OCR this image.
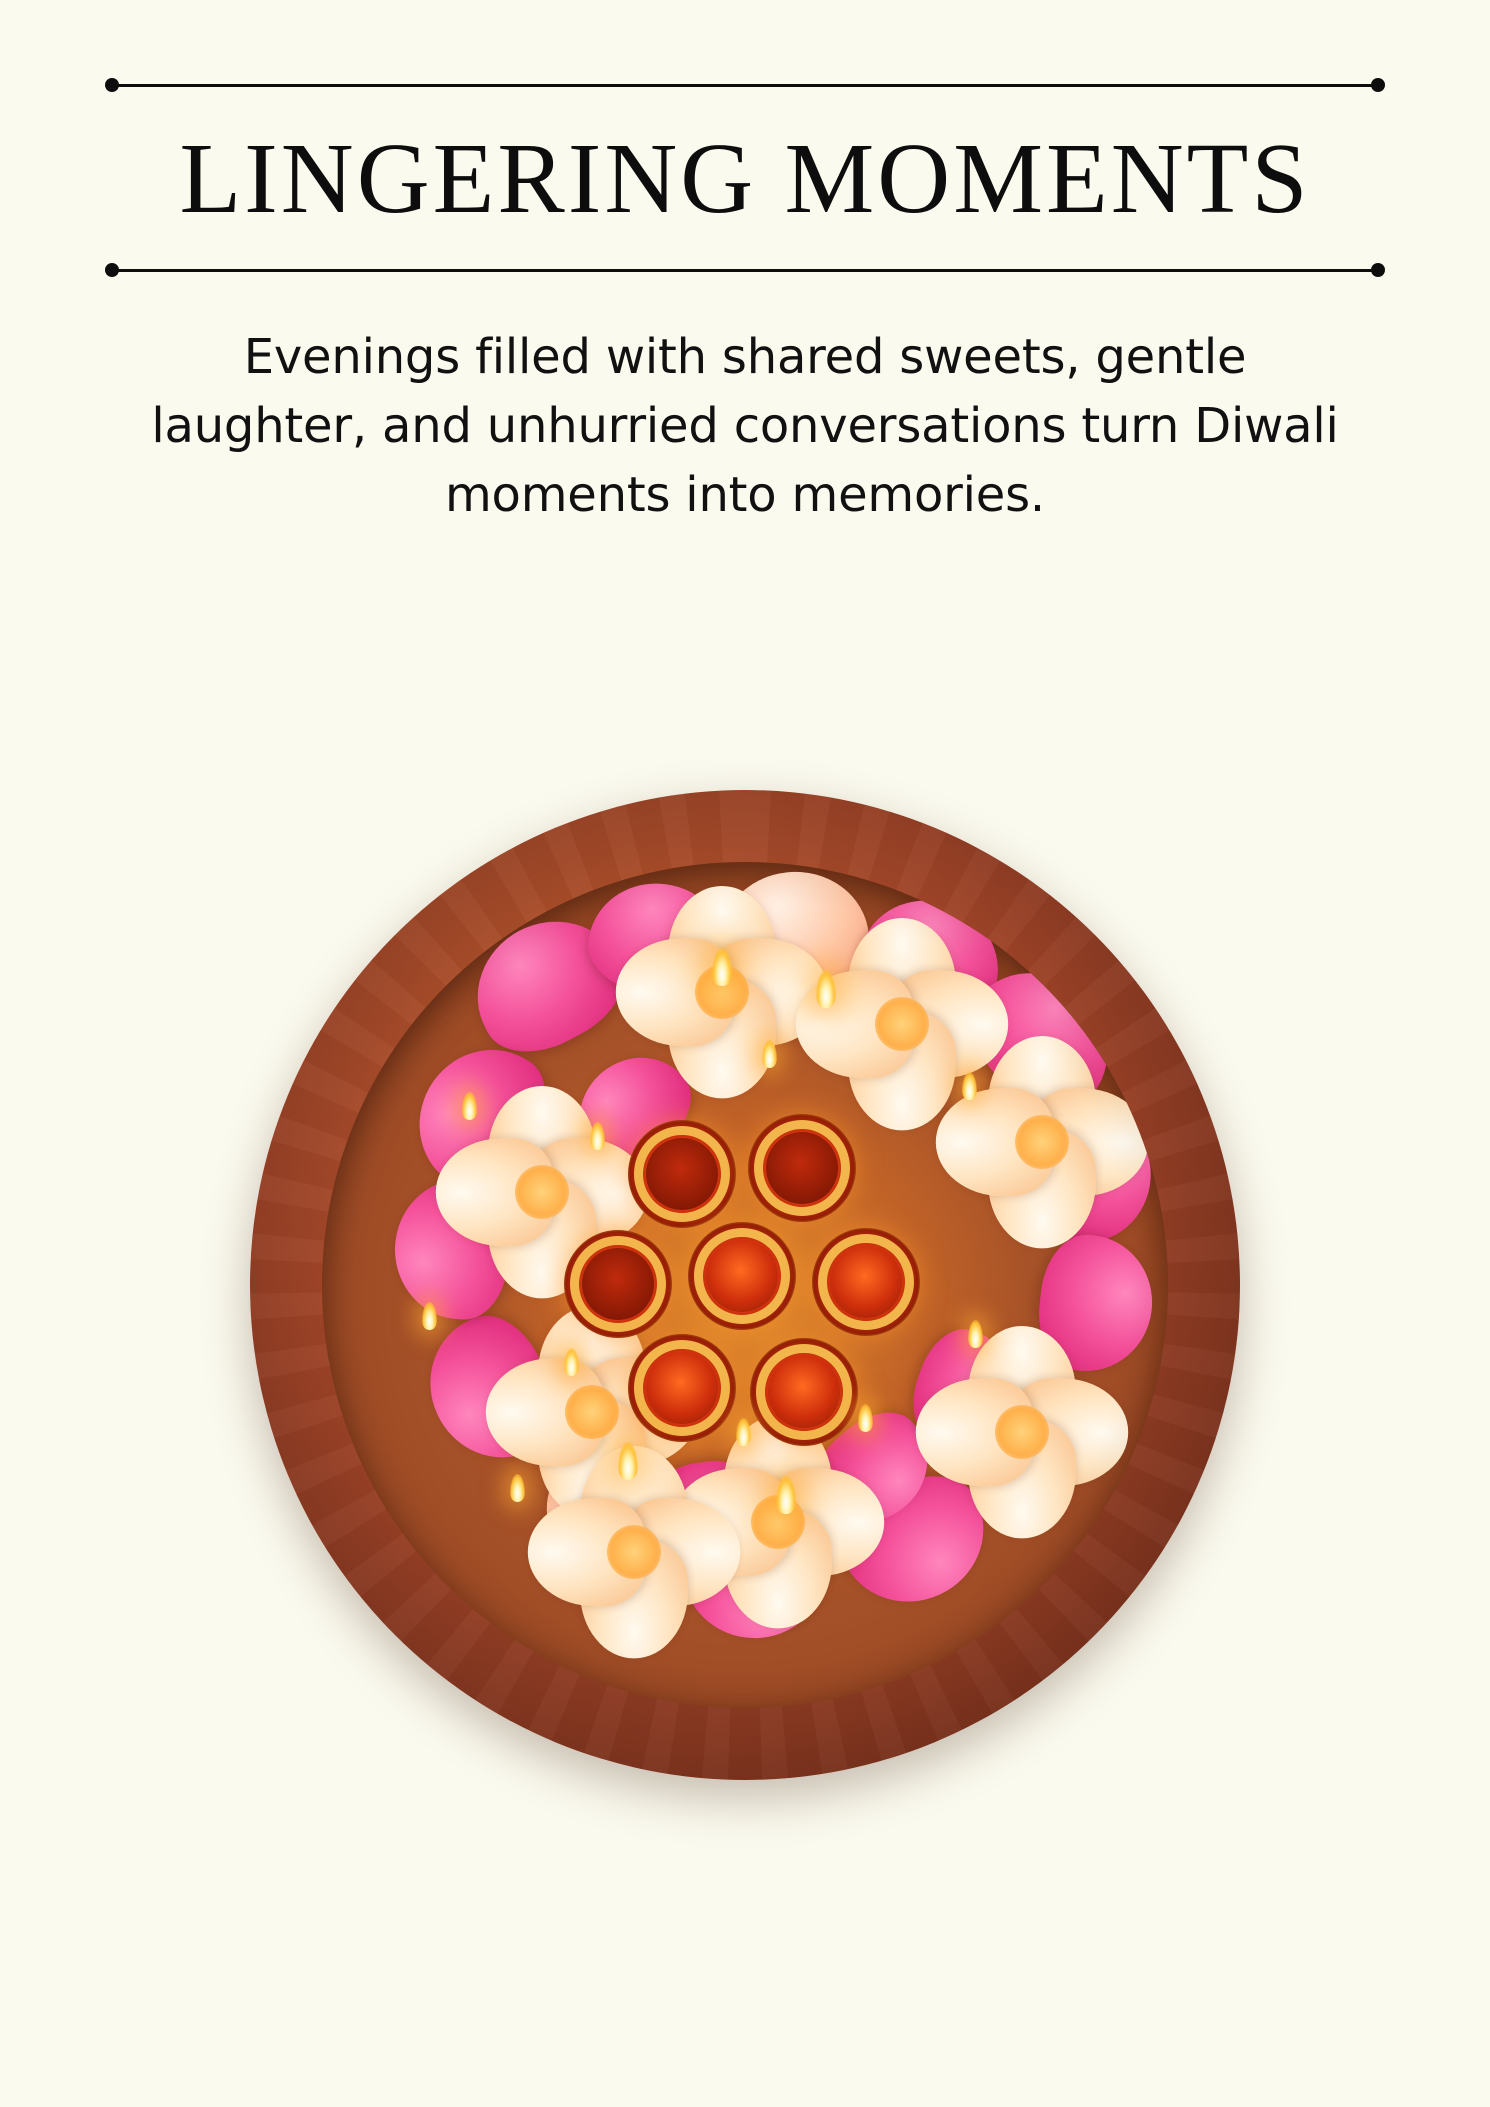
LINGERING MOMENTS
Evenings filled with shared sweets, gentle laughter, and unhurried conversations turn Diwali moments into memories.
